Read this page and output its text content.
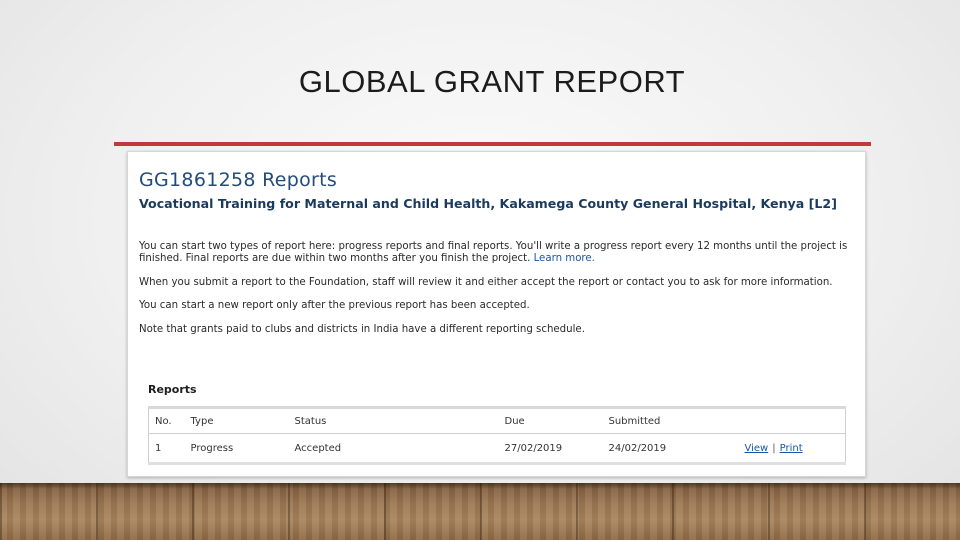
GLOBAL GRANT REPORT
GG1861258 Reports
Vocational Training for Maternal and Child Health, Kakamega County General Hospital, Kenya [L2]

You can start two types of report here: progress reports and final reports. You'll write a progress report every 12 months until the project is finished. Final reports are due within two months after you finish the project. Learn more.

When you submit a report to the Foundation, staff will review it and either accept the report or contact you to ask for more information.

You can start a new report only after the previous report has been accepted.

Note that grants paid to clubs and districts in India have a different reporting schedule.

Reports
No.	Type	Status	Due	Submitted	
1	Progress	Accepted	27/02/2019	24/02/2019	View | Print
